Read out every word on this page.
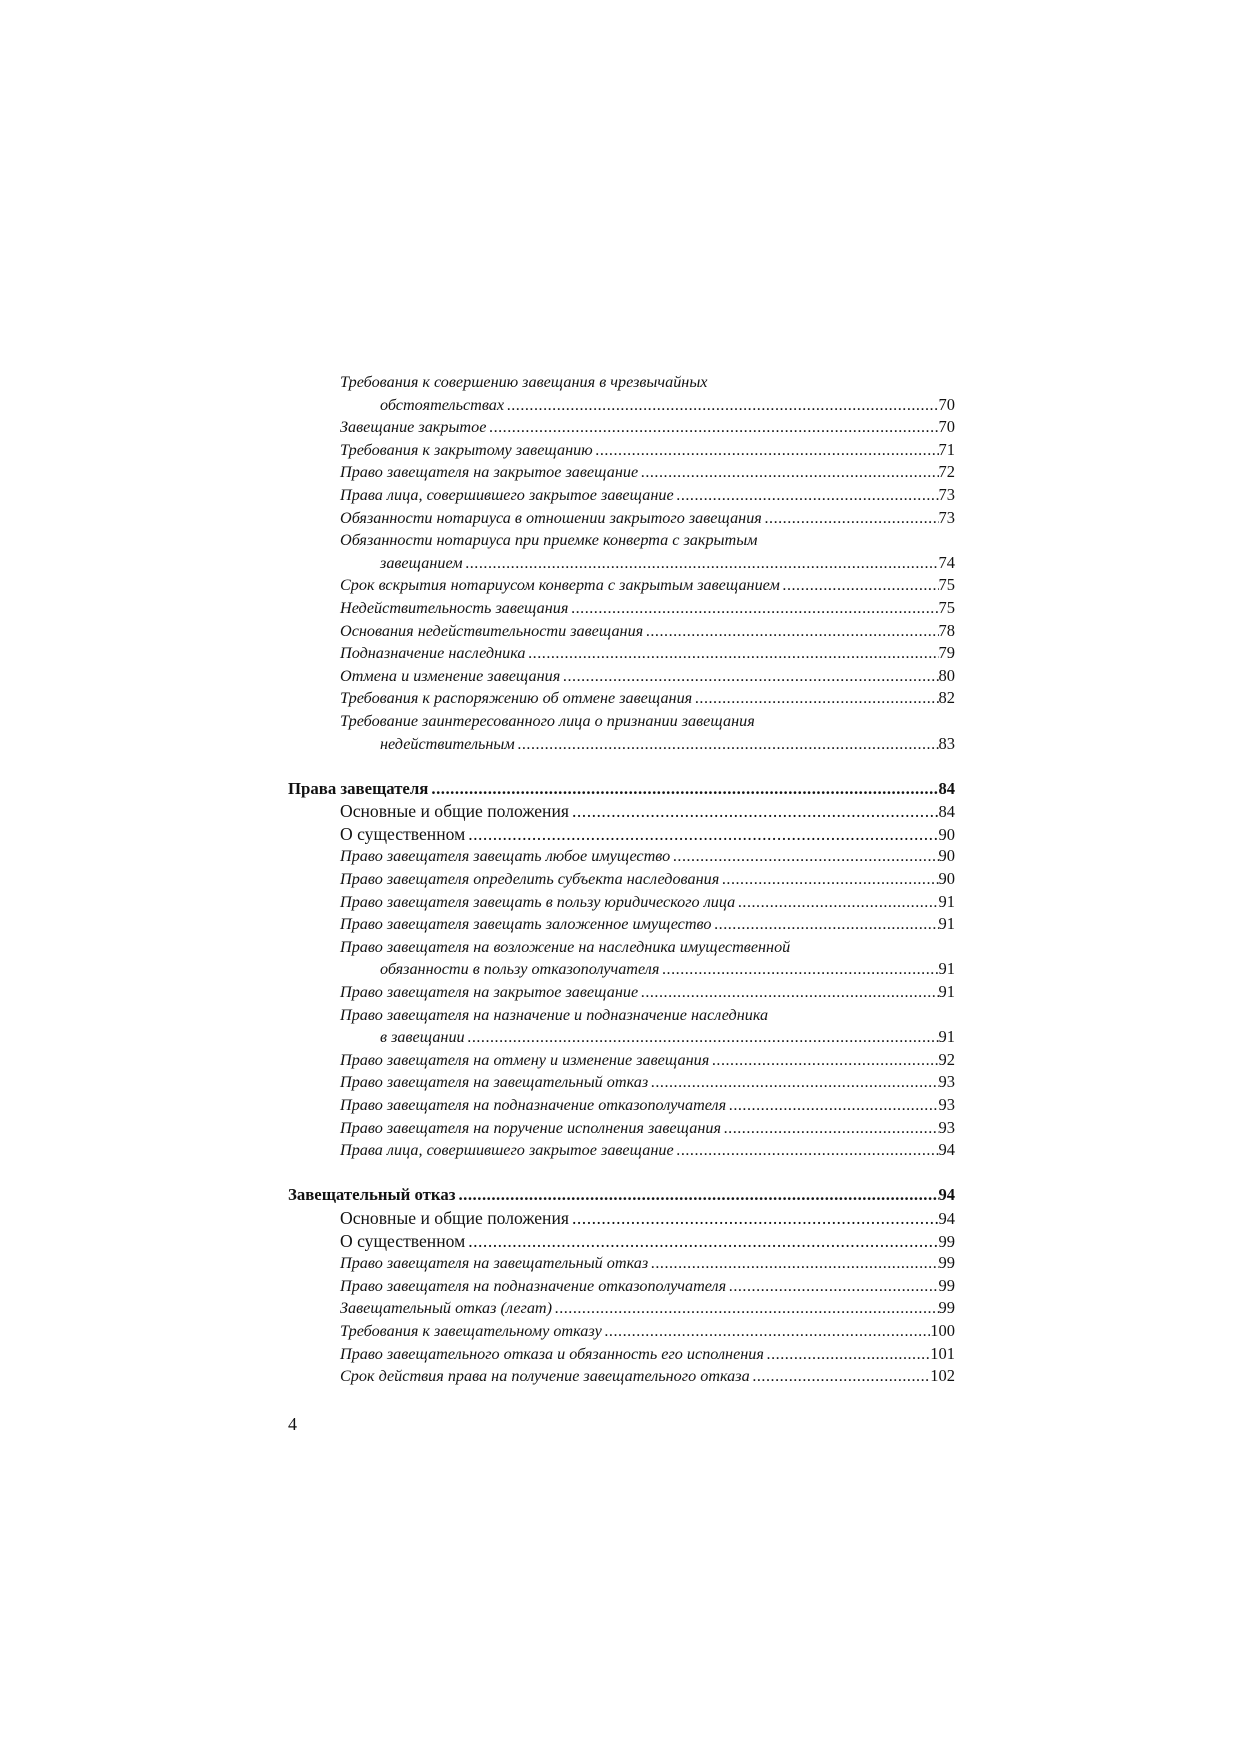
Требования к совершению завещания в чрезвычайных
обстоятельствах .....	70
Завещание закрытое .....	70
Требования к закрытому завещанию .....	71
Право завещателя на закрытое завещание .....	72
Права лица, совершившего закрытое завещание .....	73
Обязанности нотариуса в отношении закрытого завещания .....	73
Обязанности нотариуса при приемке конверта с закрытым
завещанием .....	74
Срок вскрытия нотариусом конверта с закрытым завещанием .....	75
Недействительность завещания .....	75
Основания недействительности завещания .....	78
Подназначение наследника .....	79
Отмена и изменение завещания .....	80
Требования к распоряжению об отмене завещания .....	82
Требование заинтересованного лица о признании завещания
недействительным .....	83
Права завещателя .....	84
Основные и общие положения .....	84
О существенном .....	90
Право завещателя завещать любое имущество .....	90
Право завещателя определить субъекта наследования .....	90
Право завещателя завещать в пользу юридического лица .....	91
Право завещателя завещать заложенное имущество .....	91
Право завещателя на возложение на наследника имущественной
обязанности в пользу отказополучателя .....	91
Право завещателя на закрытое завещание .....	91
Право завещателя на назначение и подназначение наследника
в завещании .....	91
Право завещателя на отмену и изменение завещания .....	92
Право завещателя на завещательный отказ .....	93
Право завещателя на подназначение отказополучателя .....	93
Право завещателя на поручение исполнения завещания .....	93
Права лица, совершившего закрытое завещание .....	94
Завещательный отказ .....	94
Основные и общие положения .....	94
О существенном .....	99
Право завещателя на завещательный отказ .....	99
Право завещателя на подназначение отказополучателя .....	99
Завещательный отказ (легат) .....	99
Требования к завещательному отказу .....	100
Право завещательного отказа и обязанность его исполнения .....	101
Срок действия права на получение завещательного отказа .....	102
4
